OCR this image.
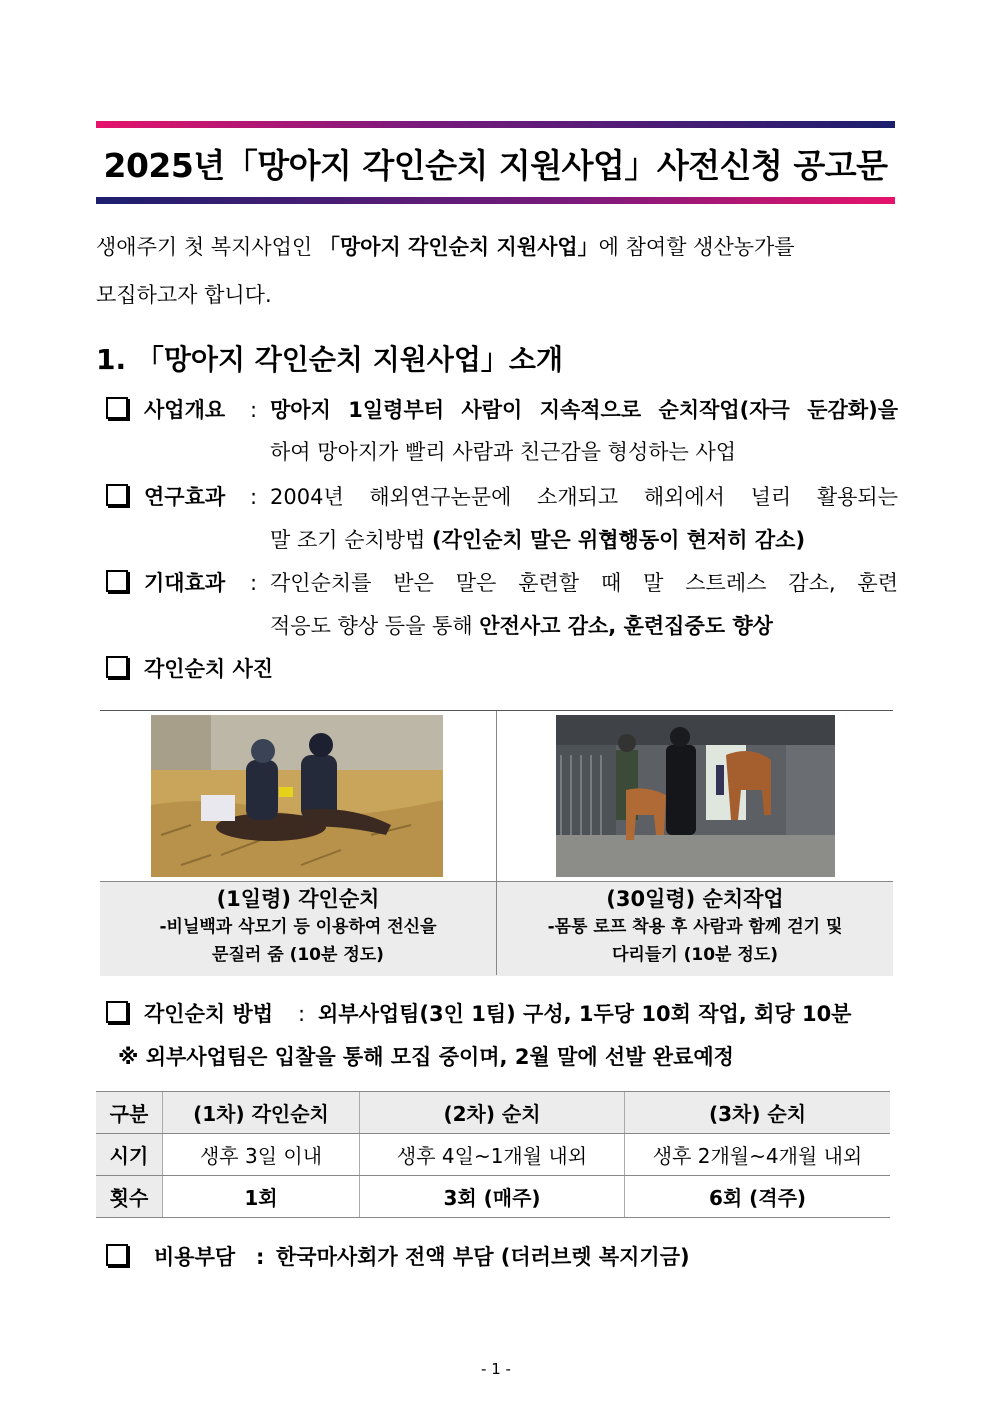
2025년「망아지 각인순치 지원사업」사전신청 공고문
생애주기 첫 복지사업인 「망아지 각인순치 지원사업」에 참여할 생산농가를
모집하고자 합니다.
1. 「망아지 각인순치 지원사업」소개
사업개요 : 망아지 1일령부터 사람이 지속적으로 순치작업(자극 둔감화)을
하여 망아지가 빨리 사람과 친근감을 형성하는 사업
연구효과 : 2004년 해외연구논문에 소개되고 해외에서 널리 활용되는
말 조기 순치방법 (각인순치 말은 위협행동이 현저히 감소)
기대효과 : 각인순치를 받은 말은 훈련할 때 말 스트레스 감소, 훈련
적응도 향상 등을 통해 안전사고 감소, 훈련집중도 향상
각인순치 사진
(1일령) 각인순치
-비닐백과 삭모기 등 이용하여 전신을
문질러 줌 (10분 정도)
(30일령) 순치작업
-몸통 로프 착용 후 사람과 함께 걷기 및
다리들기 (10분 정도)
각인순치 방법 : 외부사업팀(3인 1팀) 구성, 1두당 10회 작업, 회당 10분
※ 외부사업팀은 입찰을 통해 모집 중이며, 2월 말에 선발 완료예정
구분	(1차) 각인순치	(2차) 순치	(3차) 순치
시기	생후 3일 이내	생후 4일~1개월 내외	생후 2개월~4개월 내외
횟수	1회	3회 (매주)	6회 (격주)
비용부담 : 한국마사회가 전액 부담 (더러브렛 복지기금)
- 1 -
